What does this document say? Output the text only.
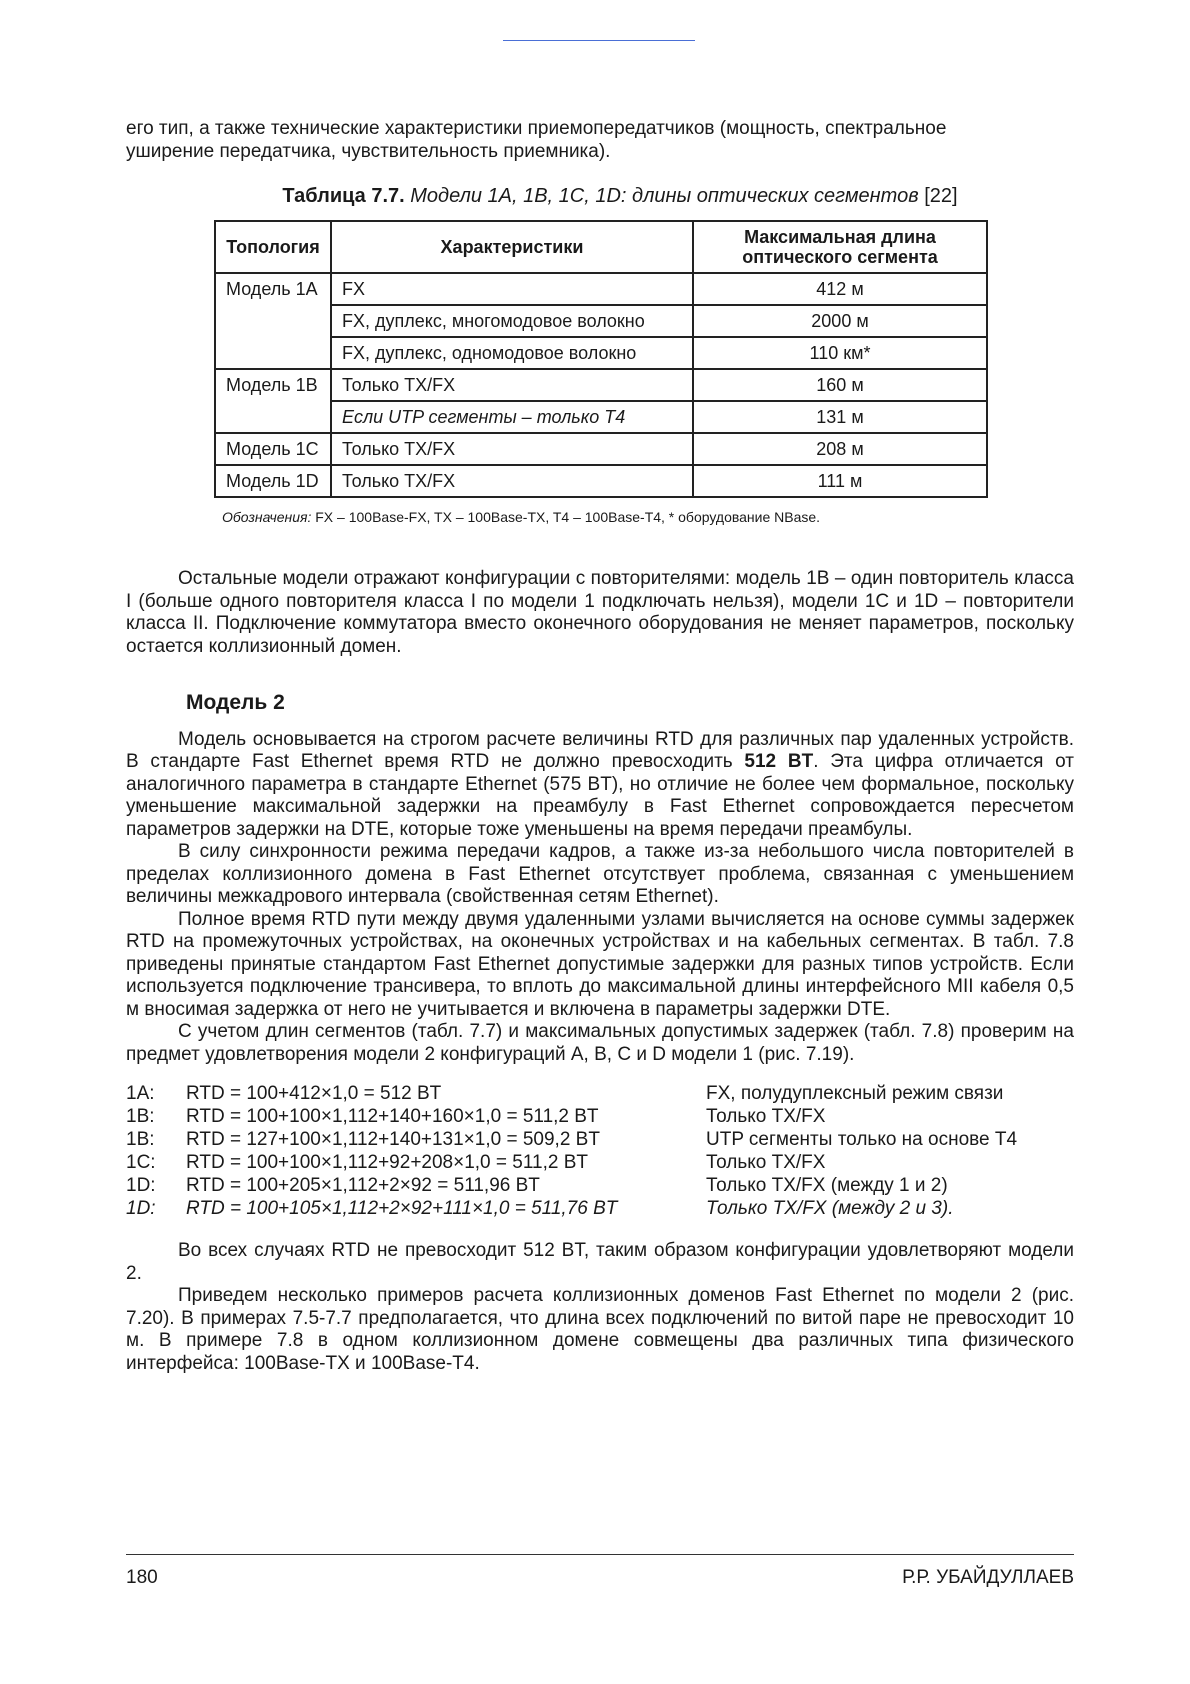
его тип, а также технические характеристики приемопередатчиков (мощность, спектральное

уширение передатчика, чувствительность приемника).

Таблица 7.7. Модели 1A, 1B, 1C, 1D: длины оптических сегментов [22]
Топология	Характеристики	Максимальная длина оптического сегмента
Модель 1A	FX	412 м
	FX, дуплекс, многомодовое волокно	2000 м
	FX, дуплекс, одномодовое волокно	110 км*
Модель 1B	Только TX/FX	160 м
	Если UTP сегменты – только T4	131 м
Модель 1C	Только TX/FX	208 м
Модель 1D	Только TX/FX	111 м
Обозначения: FX – 100Base-FX, TX – 100Base-TX, T4 – 100Base-T4, * оборудование NBase.

Остальные модели отражают конфигурации с повторителями: модель 1B – один повторитель класса I (больше одного повторителя класса I по модели 1 подключать нельзя), модели 1C и 1D – повторители класса II. Подключение коммутатора вместо оконечного оборудования не меняет параметров, поскольку остается коллизионный домен.

Модель 2

Модель основывается на строгом расчете величины RTD для различных пар удаленных устройств. В стандарте Fast Ethernet время RTD не должно превосходить 512 BT. Эта цифра отличается от аналогичного параметра в стандарте Ethernet (575 BT), но отличие не более чем формальное, поскольку уменьшение максимальной задержки на преамбулу в Fast Ethernet сопровождается пересчетом параметров задержки на DTE, которые тоже уменьшены на время передачи преамбулы.

В силу синхронности режима передачи кадров, а также из-за небольшого числа повторителей в пределах коллизионного домена в Fast Ethernet отсутствует проблема, связанная с уменьшением величины межкадрового интервала (свойственная сетям Ethernet).

Полное время RTD пути между двумя удаленными узлами вычисляется на основе суммы задержек RTD на промежуточных устройствах, на оконечных устройствах и на кабельных сегментах. В табл. 7.8 приведены принятые стандартом Fast Ethernet допустимые задержки для разных типов устройств. Если используется подключение трансивера, то вплоть до максимальной длины интерфейсного MII кабеля 0,5 м вносимая задержка от него не учитывается и включена в параметры задержки DTE.

С учетом длин сегментов (табл. 7.7) и максимальных допустимых задержек (табл. 7.8) проверим на предмет удовлетворения модели 2 конфигураций A, B, C и D модели 1 (рис. 7.19).

1A:	RTD = 100+412×1,0 = 512 BT	FX, полудуплексный режим связи
1B:	RTD = 100+100×1,112+140+160×1,0 = 511,2 BT	Только TX/FX
1B:	RTD = 127+100×1,112+140+131×1,0 = 509,2 BT	UTP сегменты только на основе T4
1C:	RTD = 100+100×1,112+92+208×1,0 = 511,2 BT	Только TX/FX
1D:	RTD = 100+205×1,112+2×92 = 511,96 BT	Только TX/FX (между 1 и 2)
1D:	RTD = 100+105×1,112+2×92+111×1,0 = 511,76 BT	Только TX/FX (между 2 и 3).

Во всех случаях RTD не превосходит 512 BT, таким образом конфигурации удовлетворяют модели 2.

Приведем несколько примеров расчета коллизионных доменов Fast Ethernet по модели 2 (рис. 7.20). В примерах 7.5-7.7 предполагается, что длина всех подключений по витой паре не превосходит 10 м. В примере 7.8 в одном коллизионном домене совмещены два различных типа физического интерфейса: 100Base-TX и 100Base-T4.

180	Р.Р. УБАЙДУЛЛАЕВ
